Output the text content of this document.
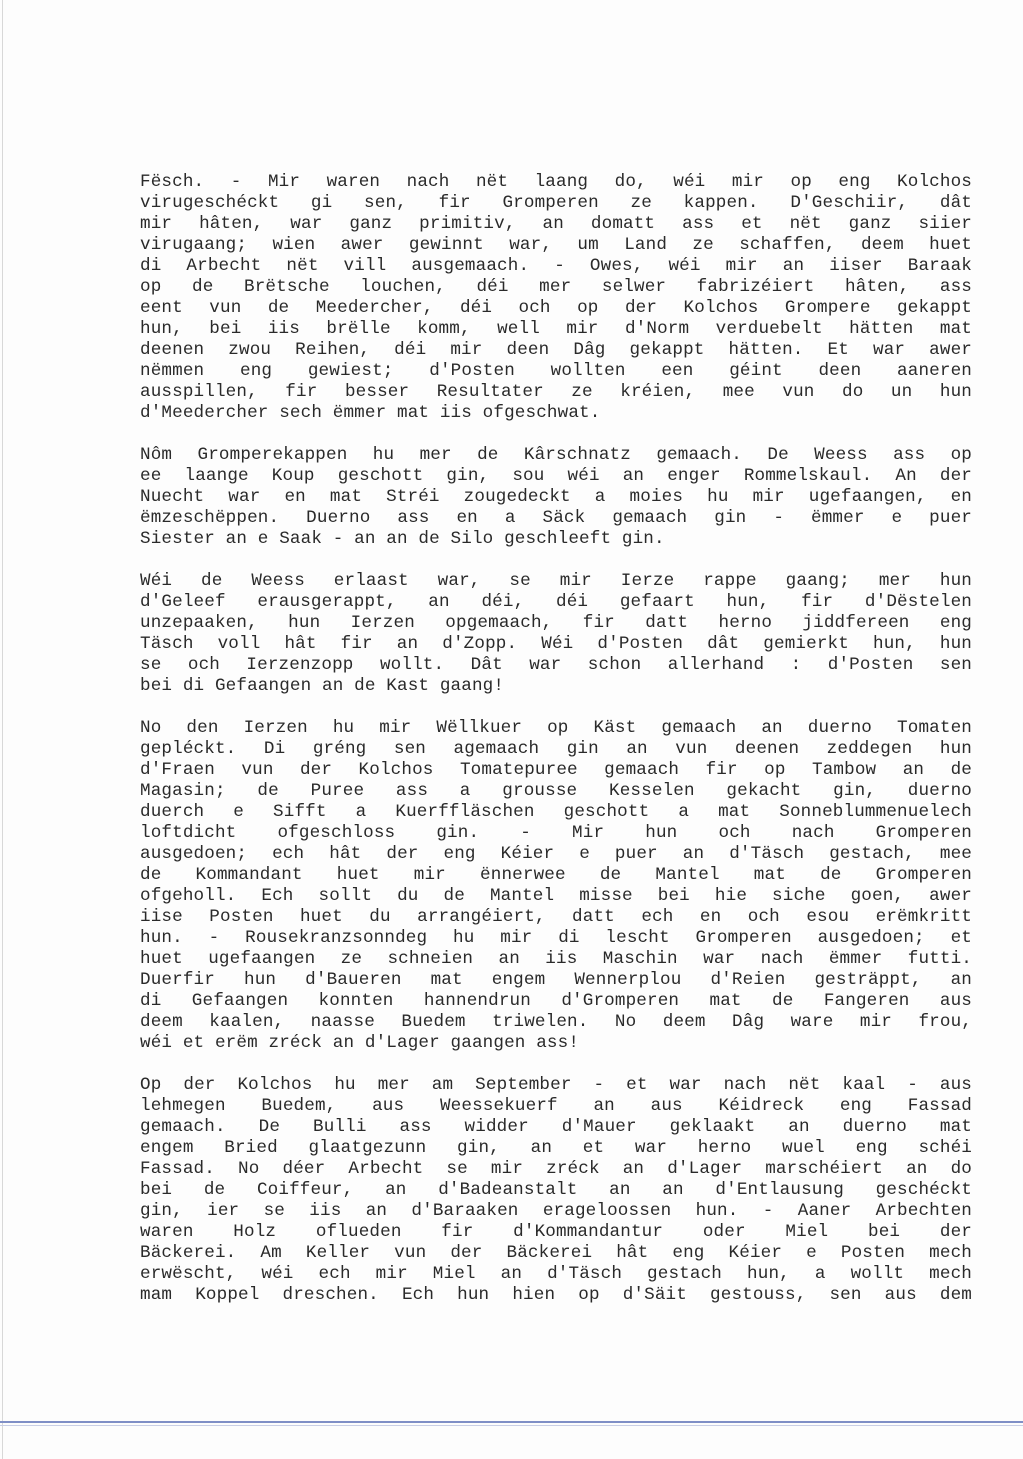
Fësch. - Mir waren nach nët laang do, wéi mir op eng Kolchos
virugeschéckt gi sen, fir Gromperen ze kappen. D'Geschiir, dât
mir hâten, war ganz primitiv, an domatt ass et nët ganz siier
virugaang; wien awer gewinnt war, um Land ze schaffen, deem huet
di Arbecht nët vill ausgemaach. - Owes, wéi mir an iiser Baraak
op de Brëtsche louchen, déi mer selwer fabrizéiert hâten, ass
eent vun de Meedercher, déi och op der Kolchos Grompere gekappt
hun, bei iis brëlle komm, well mir d'Norm verduebelt hätten mat
deenen zwou Reihen, déi mir deen Dâg gekappt hätten. Et war awer
nëmmen eng gewiest; d'Posten wollten een géint deen aaneren
ausspillen, fir besser Resultater ze kréien, mee vun do un hun
d'Meedercher sech ëmmer mat iis ofgeschwat.
Nôm Gromperekappen hu mer de Kârschnatz gemaach. De Weess ass op
ee laange Koup geschott gin, sou wéi an enger Rommelskaul. An der
Nuecht war en mat Stréi zougedeckt a moies hu mir ugefaangen, en
ëmzeschëppen. Duerno ass en a Säck gemaach gin - ëmmer e puer
Siester an e Saak - an an de Silo geschleeft gin.
Wéi de Weess erlaast war, se mir Ierze rappe gaang; mer hun
d'Geleef erausgerappt, an déi, déi gefaart hun, fir d'Dëstelen
unzepaaken, hun Ierzen opgemaach, fir datt herno jiddfereen eng
Täsch voll hât fir an d'Zopp. Wéi d'Posten dât gemierkt hun, hun
se och Ierzenzopp wollt. Dât war schon allerhand : d'Posten sen
bei di Gefaangen an de Kast gaang!
No den Ierzen hu mir Wëllkuer op Käst gemaach an duerno Tomaten
gepléckt. Di gréng sen agemaach gin an vun deenen zeddegen hun
d'Fraen vun der Kolchos Tomatepuree gemaach fir op Tambow an de
Magasin; de Puree ass a grousse Kesselen gekacht gin, duerno
duerch e Sifft a Kuerffläschen geschott a mat Sonneblummenuelech
loftdicht ofgeschloss gin. - Mir hun och nach Gromperen
ausgedoen; ech hât der eng Kéier e puer an d'Täsch gestach, mee
de Kommandant huet mir ënnerwee de Mantel mat de Gromperen
ofgeholl. Ech sollt du de Mantel misse bei hie siche goen, awer
iise Posten huet du arrangéiert, datt ech en och esou erëmkritt
hun. - Rousekranzsonndeg hu mir di lescht Gromperen ausgedoen; et
huet ugefaangen ze schneien an iis Maschin war nach ëmmer futti.
Duerfir hun d'Baueren mat engem Wennerplou d'Reien gesträppt, an
di Gefaangen konnten hannendrun d'Gromperen mat de Fangeren aus
deem kaalen, naasse Buedem triwelen. No deem Dâg ware mir frou,
wéi et erëm zréck an d'Lager gaangen ass!
Op der Kolchos hu mer am September - et war nach nët kaal - aus
lehmegen Buedem, aus Weessekuerf an aus Kéidreck eng Fassad
gemaach. De Bulli ass widder d'Mauer geklaakt an duerno mat
engem Bried glaatgezunn gin, an et war herno wuel eng schéi
Fassad. No déer Arbecht se mir zréck an d'Lager marschéiert an do
bei de Coiffeur, an d'Badeanstalt an an d'Entlausung geschéckt
gin, ier se iis an d'Baraaken erageloossen hun. - Aaner Arbechten
waren Holz oflueden fir d'Kommandantur oder Miel bei der
Bäckerei. Am Keller vun der Bäckerei hât eng Kéier e Posten mech
erwëscht, wéi ech mir Miel an d'Täsch gestach hun, a wollt mech
mam Koppel dreschen. Ech hun hien op d'Säit gestouss, sen aus dem
